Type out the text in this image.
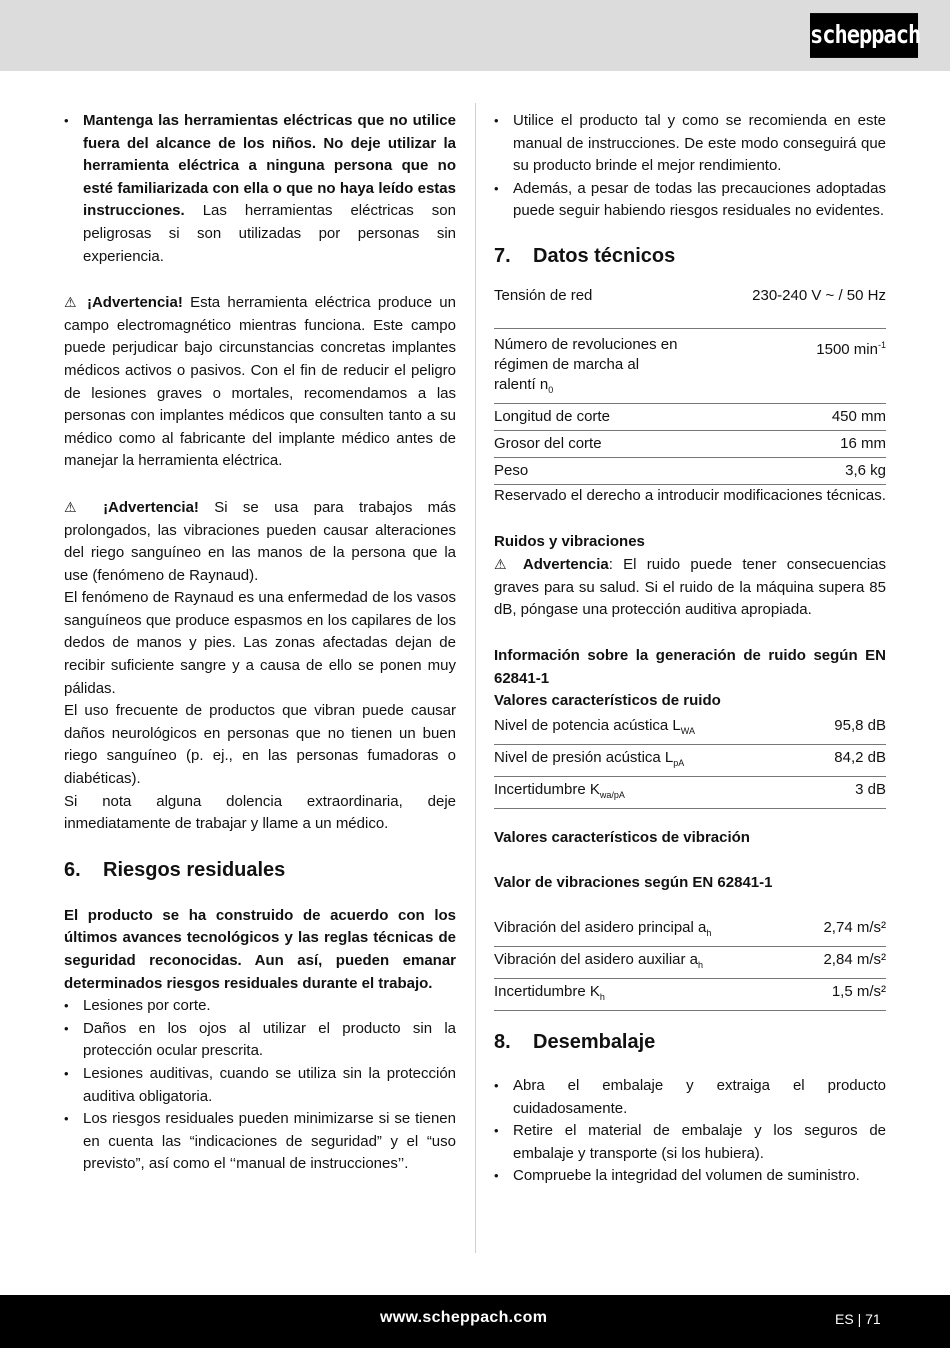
scheppach
• Mantenga las herramientas eléctricas que no utilice fuera del alcance de los niños. No deje utilizar la herramienta eléctrica a ninguna persona que no esté familiarizada con ella o que no haya leído estas instrucciones. Las herramientas eléctricas son peligrosas si son utilizadas por personas sin experiencia.

⚠ ¡Advertencia! Esta herramienta eléctrica produce un campo electromagnético mientras funciona. Este campo puede perjudicar bajo circunstancias concretas implantes médicos activos o pasivos. Con el fin de reducir el peligro de lesiones graves o mortales, recomendamos a las personas con implantes médicos que consulten tanto a su médico como al fabricante del implante médico antes de manejar la herramienta eléctrica.

⚠ ¡Advertencia! Si se usa para trabajos más prolongados, las vibraciones pueden causar alteraciones del riego sanguíneo en las manos de la persona que la use (fenómeno de Raynaud).

El fenómeno de Raynaud es una enfermedad de los vasos sanguíneos que produce espasmos en los capilares de los dedos de manos y pies. Las zonas afectadas dejan de recibir suficiente sangre y a causa de ello se ponen muy pálidas.

El uso frecuente de productos que vibran puede causar daños neurológicos en personas que no tienen un buen riego sanguíneo (p. ej., en las personas fumadoras o diabéticas).

Si nota alguna dolencia extraordinaria, deje inmediatamente de trabajar y llame a un médico.

6. Riesgos residuales

El producto se ha construido de acuerdo con los últimos avances tecnológicos y las reglas técnicas de seguridad reconocidas. Aun así, pueden emanar determinados riesgos residuales durante el trabajo.

• Lesiones por corte.
• Daños en los ojos al utilizar el producto sin la protección ocular prescrita.
• Lesiones auditivas, cuando se utiliza sin la protección auditiva obligatoria.
• Los riesgos residuales pueden minimizarse si se tienen en cuenta las “indicaciones de seguridad” y el “uso previsto”, así como el ‘‘manual de instrucciones’’.
• Utilice el producto tal y como se recomienda en este manual de instrucciones. De este modo conseguirá que su producto brinde el mejor rendimiento.
• Además, a pesar de todas las precauciones adoptadas puede seguir habiendo riesgos residuales no evidentes.
7. Datos técnicos
Tensión de red	230-240 V ~ / 50 Hz
Número de revoluciones en régimen de marcha al ralentí $n_0$	1500 $\min^{-1}$
Longitud de corte	450 mm
Grosor del corte	16 mm
Peso	3,6 kg

Reservado el derecho a introducir modificaciones técnicas.

Ruidos y vibraciones

⚠ Advertencia: El ruido puede tener consecuencias graves para su salud. Si el ruido de la máquina supera 85 dB, póngase una protección auditiva apropiada.

Información sobre la generación de ruido según EN 62841-1

Valores característicos de ruido

Nivel de potencia acústica $L_{WA}$	95,8 dB
Nivel de presión acústica $L_{pA}$	84,2 dB
Incertidumbre $K_{wa/pA}$	3 dB

Valores característicos de vibración

Valor de vibraciones según EN 62841-1

Vibración del asidero principal $a_h$	2,74 m/s²
Vibración del asidero auxiliar $a_h$	2,84 m/s²
Incertidumbre $K_h$	1,5 m/s²
8. Desembalaje
• Abra el embalaje y extraiga el producto cuidadosamente.
• Retire el material de embalaje y los seguros de embalaje y transporte (si los hubiera).
• Compruebe la integridad del volumen de suministro.
www.scheppach.com	ES | 71
